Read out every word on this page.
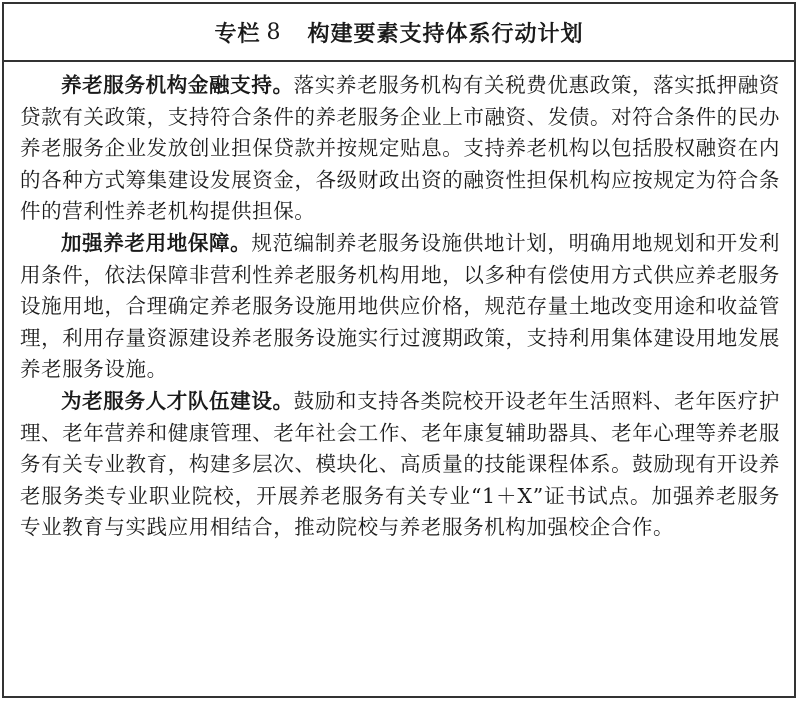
专栏 8 构建要素支持体系行动计划

养老服务机构金融支持。落实养老服务机构有关税费优惠政策，落实抵押融资贷款有关政策，支持符合条件的养老服务企业上市融资、发债。对符合条件的民办养老服务企业发放创业担保贷款并按规定贴息。支持养老机构以包括股权融资在内的各种方式筹集建设发展资金，各级财政出资的融资性担保机构应按规定为符合条件的营利性养老机构提供担保。

加强养老用地保障。规范编制养老服务设施供地计划，明确用地规划和开发利用条件，依法保障非营利性养老服务机构用地，以多种有偿使用方式供应养老服务设施用地，合理确定养老服务设施用地供应价格，规范存量土地改变用途和收益管理，利用存量资源建设养老服务设施实行过渡期政策，支持利用集体建设用地发展养老服务设施。

为老服务人才队伍建设。鼓励和支持各类院校开设老年生活照料、老年医疗护理、老年营养和健康管理、老年社会工作、老年康复辅助器具、老年心理等养老服务有关专业教育，构建多层次、模块化、高质量的技能课程体系。鼓励现有开设养老服务类专业职业院校，开展养老服务有关专业“1＋X”证书试点。加强养老服务专业教育与实践应用相结合，推动院校与养老服务机构加强校企合作。
